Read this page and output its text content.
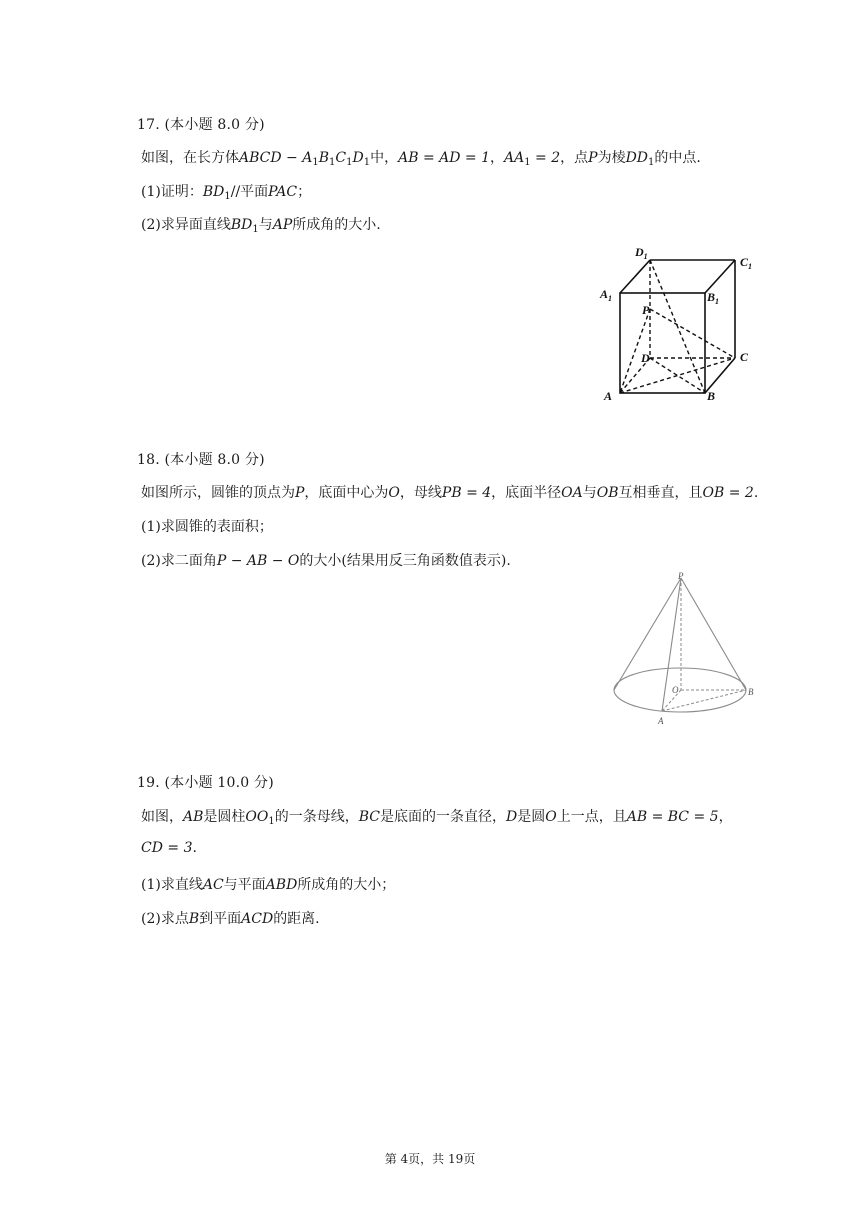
17. (本小题 8.0 分)
如图，在长方体ABCD − $A_1B_1C_1D_1$中，AB = AD = 1，$AA_1 = 2$，点P为棱$DD_1$的中点.
(1)证明：$BD_1//$平面PAC；
(2)求异面直线$BD_1$与AP所成角的大小.
$D_1$	$C_1$
$A_1$	$B_1$
P
D	C
A	B
18. (本小题 8.0 分)
如图所示，圆锥的顶点为P，底面中心为O，母线PB = 4，底面半径OA与OB互相垂直，且OB = 2.
(1)求圆锥的表面积；
(2)求二面角P − AB − O的大小(结果用反三角函数值表示).
P
O	B
A
19. (本小题 10.0 分)
如图，AB是圆柱$OO_1$的一条母线，BC是底面的一条直径，D是圆O上一点，且AB = BC = 5，
CD = 3.
(1)求直线AC与平面ABD所成角的大小；
(2)求点B到平面ACD的距离.
第 4页，共 19页
